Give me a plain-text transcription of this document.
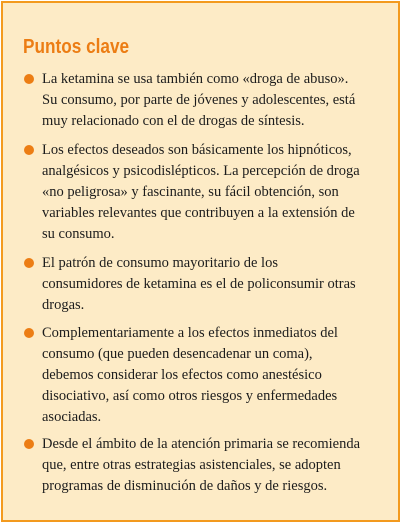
Puntos clave

La ketamina se usa también como «droga de abuso».
Su consumo, por parte de jóvenes y adolescentes, está
muy relacionado con el de drogas de síntesis.

Los efectos deseados son básicamente los hipnóticos,
analgésicos y psicodislépticos. La percepción de droga
«no peligrosa» y fascinante, su fácil obtención, son
variables relevantes que contribuyen a la extensión de
su consumo.

El patrón de consumo mayoritario de los
consumidores de ketamina es el de policonsumir otras
drogas.

Complementariamente a los efectos inmediatos del
consumo (que pueden desencadenar un coma),
debemos considerar los efectos como anestésico
disociativo, así como otros riesgos y enfermedades
asociadas.

Desde el ámbito de la atención primaria se recomienda
que, entre otras estrategias asistenciales, se adopten
programas de disminución de daños y de riesgos.
